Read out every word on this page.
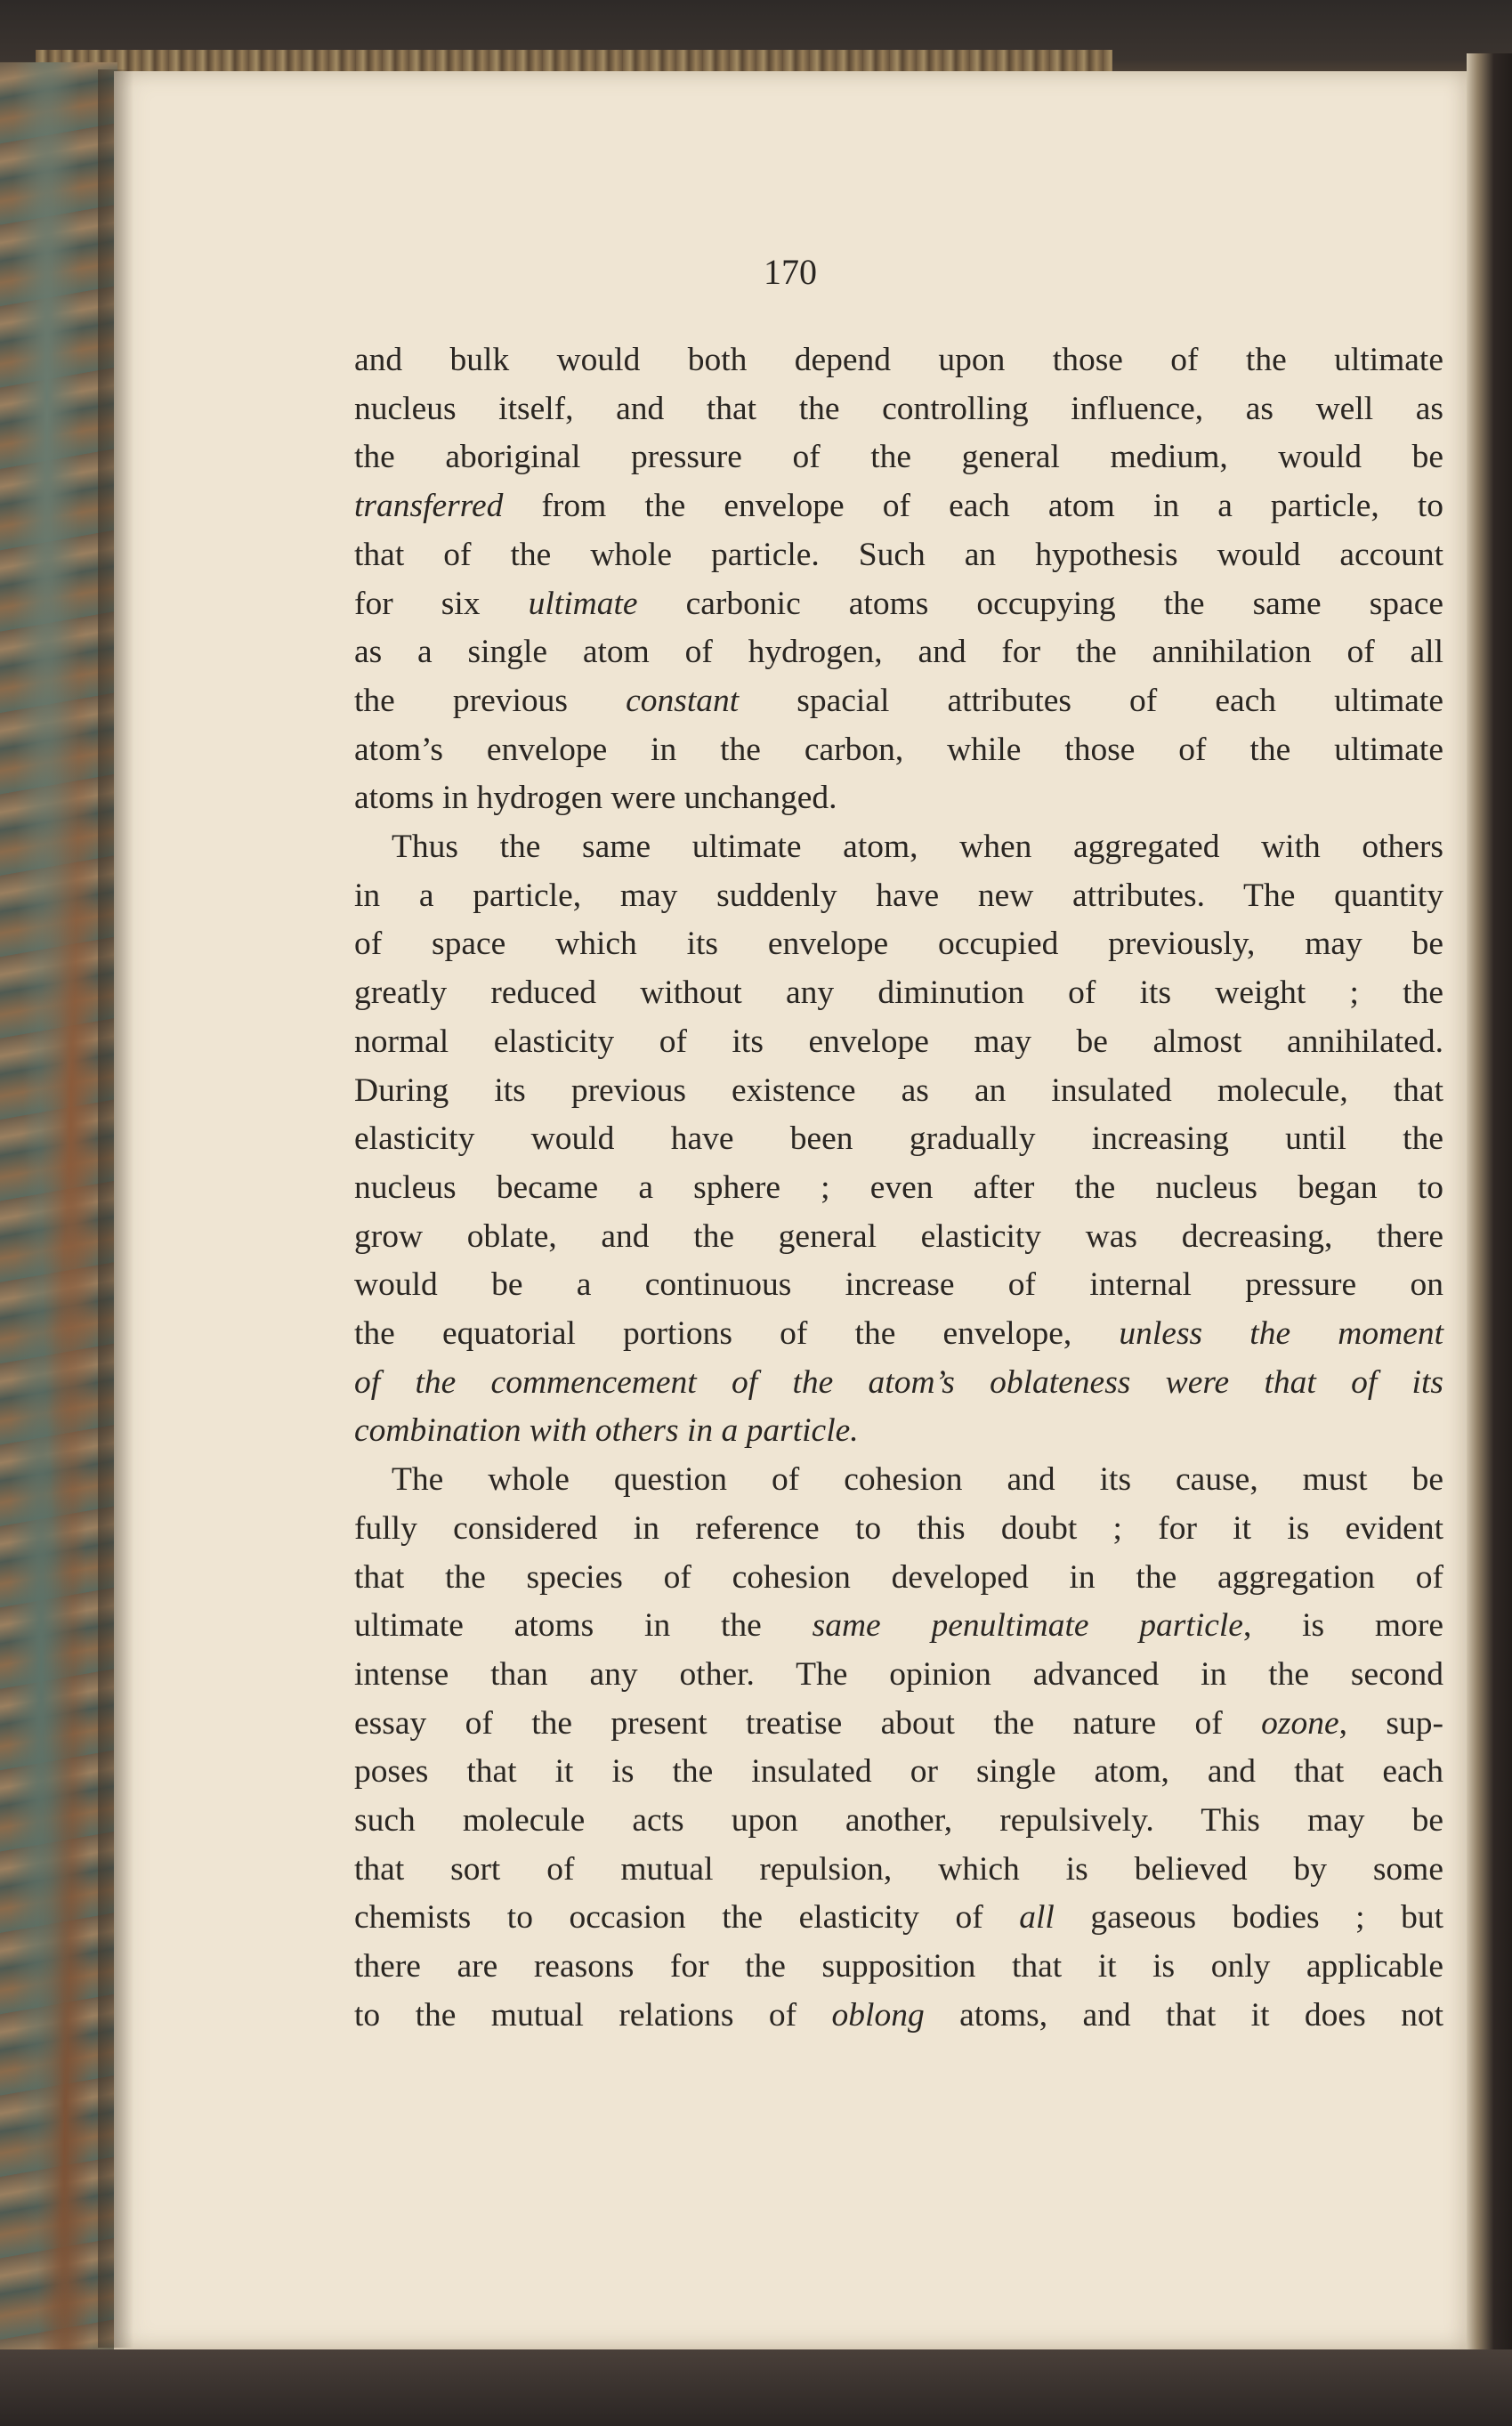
170
and bulk would both depend upon those of the ultimate
nucleus itself, and that the controlling influence, as well as
the aboriginal pressure of the general medium, would be
transferred from the envelope of each atom in a particle, to
that of the whole particle. Such an hypothesis would account
for six ultimate carbonic atoms occupying the same space
as a single atom of hydrogen, and for the annihilation of all
the previous constant spacial attributes of each ultimate
atom’s envelope in the carbon, while those of the ultimate
atoms in hydrogen were unchanged.
Thus the same ultimate atom, when aggregated with others
in a particle, may suddenly have new attributes. The quantity
of space which its envelope occupied previously, may be
greatly reduced without any diminution of its weight ; the
normal elasticity of its envelope may be almost annihilated.
During its previous existence as an insulated molecule, that
elasticity would have been gradually increasing until the
nucleus became a sphere ; even after the nucleus began to
grow oblate, and the general elasticity was decreasing, there
would be a continuous increase of internal pressure on
the equatorial portions of the envelope, unless the moment
of the commencement of the atom’s oblateness were that of its
combination with others in a particle.
The whole question of cohesion and its cause, must be
fully considered in reference to this doubt ; for it is evident
that the species of cohesion developed in the aggregation of
ultimate atoms in the same penultimate particle, is more
intense than any other. The opinion advanced in the second
essay of the present treatise about the nature of ozone, sup-
poses that it is the insulated or single atom, and that each
such molecule acts upon another, repulsively. This may be
that sort of mutual repulsion, which is believed by some
chemists to occasion the elasticity of all gaseous bodies ; but
there are reasons for the supposition that it is only applicable
to the mutual relations of oblong atoms, and that it does not
